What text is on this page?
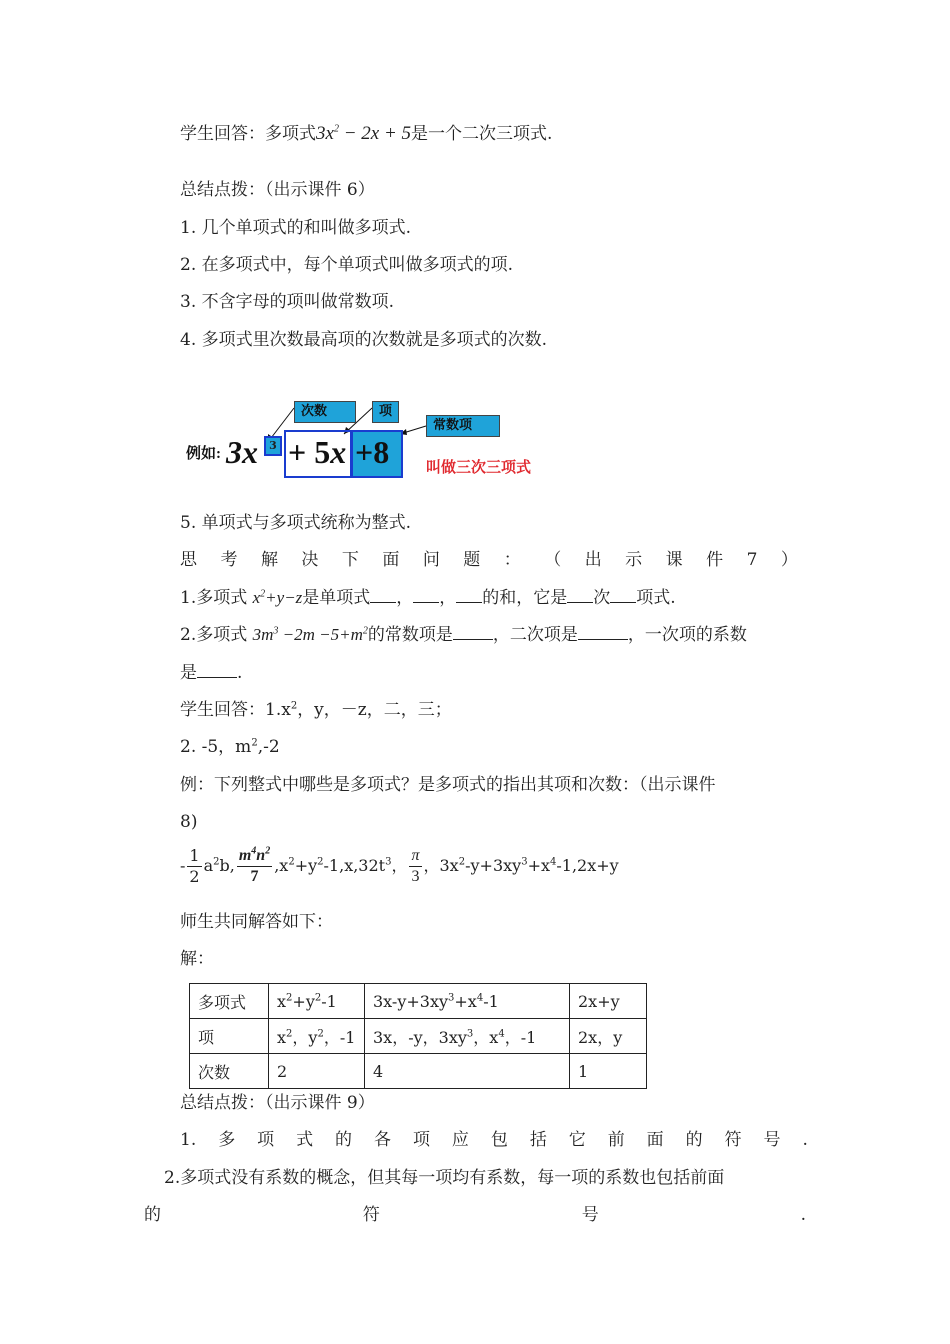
学生回答：多项式$3x^2 - 2x + 5$是一个二次三项式.
总结点拨：（出示课件 6）
1. 几个单项式的和叫做多项式.
2. 在多项式中，每个单项式叫做多项式的项.
3. 不含字母的项叫做常数项.
4. 多项式里次数最高项的次数就是多项式的次数.
次数	项
常数项
例如: 3x	3 + 5x +8 叫做三次三项式
5. 单项式与多项式统称为整式.
思 考 解 决 下 面 问 题 ： （ 出 示 课 件 7 ）
1.多项式 $x^2+y-z$是单项式 ， ， 的和，它是 次 项式.
2.多项式 $3m^3 -2m -5+m^2$的常数项是 ，二次项是	，一次项的系数
是 .
学生回答：$1.x^2$，y，－z，二，三；
2. -5，$m^2,-2$
例：下列整式中哪些是多项式？是多项式的指出其项和次数：（出示课件
8)
- $\frac{1}{2} a^2b$, $\frac{m^4n^2}{7} ,x^2+y^2-1,x,32t^3$， $\frac{\pi}{3}$ ，$3x^2-y+3xy^3+x^4-1,2x+y$
师生共同解答如下：
解：
多项式	$x^2+y^2-1$	$3x-y+3xy^3+x^4-1$	2x+y
项	$x^2$，$y^2$，-1	3x，-y，$3xy^3$，$x^4$，-1	2x，y
次数	2	4	1
总结点拨：（出示课件 9）
1. 多 项 式 的 各 项 应 包 括 它 前 面 的 符 号 .
2.多项式没有系数的概念，但其每一项均有系数，每一项的系数也包括前面
的	符	号	.
